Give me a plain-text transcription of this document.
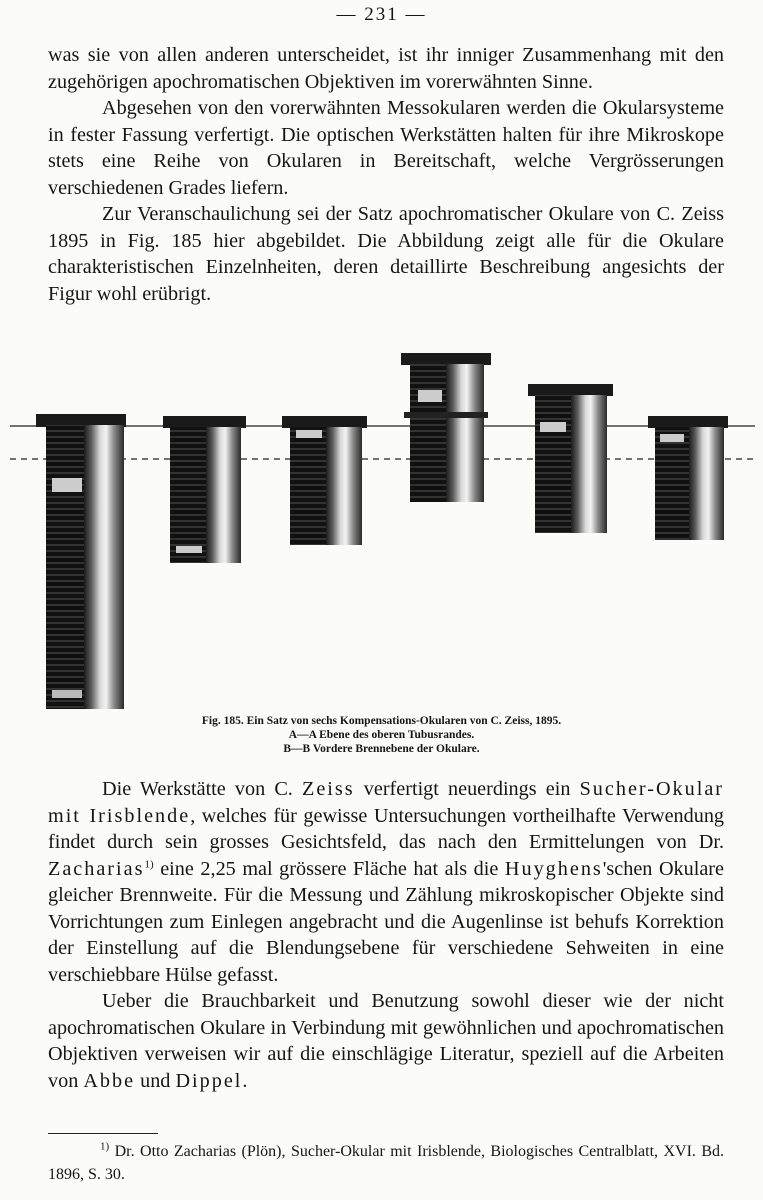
— 231 —

was sie von allen anderen unterscheidet, ist ihr inniger Zusammenhang mit den zugehörigen apochromatischen Objektiven im vorerwähnten Sinne.

Abgesehen von den vorerwähnten Messokularen werden die Okularsysteme in fester Fassung verfertigt. Die optischen Werkstätten halten für ihre Mikroskope stets eine Reihe von Okularen in Bereitschaft, welche Vergrösserungen verschiedenen Grades liefern.

Zur Veranschaulichung sei der Satz apochromatischer Okulare von C. Zeiss 1895 in Fig. 185 hier abgebildet. Die Abbildung zeigt alle für die Okulare charakteristischen Einzelnheiten, deren detaillirte Beschreibung angesichts der Figur wohl erübrigt.

Fig. 185. Ein Satz von sechs Kompensations-Okularen von C. Zeiss, 1895.
A—A Ebene des oberen Tubusrandes.
B—B Vordere Brennebene der Okulare.

Die Werkstätte von C. Zeiss verfertigt neuerdings ein Sucher-Okular mit Irisblende, welches für gewisse Untersuchungen vortheilhafte Verwendung findet durch sein grosses Gesichtsfeld, das nach den Ermittelungen von Dr. Zacharias$^{1)}$ eine 2,25 mal grössere Fläche hat als die Huyghens'schen Okulare gleicher Brennweite. Für die Messung und Zählung mikroskopischer Objekte sind Vorrichtungen zum Einlegen angebracht und die Augenlinse ist behufs Korrektion der Einstellung auf die Blendungsebene für verschiedene Sehweiten in eine verschiebbare Hülse gefasst.

Ueber die Brauchbarkeit und Benutzung sowohl dieser wie der nicht apochromatischen Okulare in Verbindung mit gewöhnlichen und apochromatischen Objektiven verweisen wir auf die einschlägige Literatur, speziell auf die Arbeiten von Abbe und Dippel.

$^{1)}$ Dr. Otto Zacharias (Plön), Sucher-Okular mit Irisblende, Biologisches Centralblatt, XVI. Bd. 1896, S. 30.
